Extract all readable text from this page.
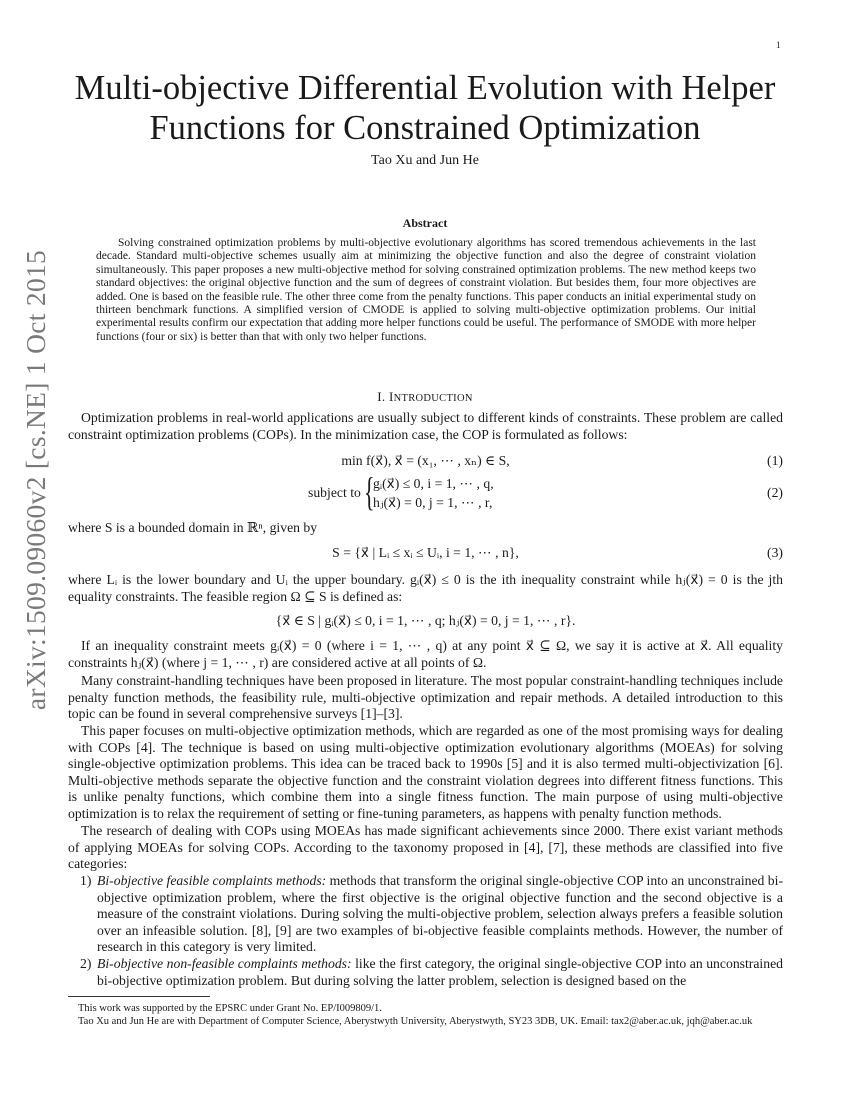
1
arXiv:1509.09060v2 [cs.NE] 1 Oct 2015
Multi-objective Differential Evolution with Helper Functions for Constrained Optimization
Tao Xu and Jun He
Abstract

Solving constrained optimization problems by multi-objective evolutionary algorithms has scored tremendous achievements in the last decade. Standard multi-objective schemes usually aim at minimizing the objective function and also the degree of constraint violation simultaneously. This paper proposes a new multi-objective method for solving constrained optimization problems. The new method keeps two standard objectives: the original objective function and the sum of degrees of constraint violation. But besides them, four more objectives are added. One is based on the feasible rule. The other three come from the penalty functions. This paper conducts an initial experimental study on thirteen benchmark functions. A simplified version of CMODE is applied to solving multi-objective optimization problems. Our initial experimental results confirm our expectation that adding more helper functions could be useful. The performance of SMODE with more helper functions (four or six) is better than that with only two helper functions.

I. INTRODUCTION

Optimization problems in real-world applications are usually subject to different kinds of constraints. These problem are called constraint optimization problems (COPs). In the minimization case, the COP is formulated as follows:

min f(x⃗), x⃗ = (x₁, ⋯ , xₙ) ∈ S,	(1)
subject to {
gᵢ(x⃗) ≤ 0, i = 1, ⋯ , q,
hⱼ(x⃗) = 0, j = 1, ⋯ , r,
(2)

where S is a bounded domain in ℝⁿ, given by

S = {x⃗ | Lᵢ ≤ xᵢ ≤ Uᵢ, i = 1, ⋯ , n},	(3)

where Lᵢ is the lower boundary and Uᵢ the upper boundary. gᵢ(x⃗) ≤ 0 is the ith inequality constraint while hⱼ(x⃗) = 0 is the jth equality constraints. The feasible region Ω ⊆ S is defined as:

{x⃗ ∈ S | gᵢ(x⃗) ≤ 0, i = 1, ⋯ , q; hⱼ(x⃗) = 0, j = 1, ⋯ , r}.

If an inequality constraint meets gᵢ(x⃗) = 0 (where i = 1, ⋯ , q) at any point x⃗ ⊆ Ω, we say it is active at x⃗. All equality constraints hⱼ(x⃗) (where j = 1, ⋯ , r) are considered active at all points of Ω.

Many constraint-handling techniques have been proposed in literature. The most popular constraint-handling techniques include penalty function methods, the feasibility rule, multi-objective optimization and repair methods. A detailed introduction to this topic can be found in several comprehensive surveys [1]–[3].

This paper focuses on multi-objective optimization methods, which are regarded as one of the most promising ways for dealing with COPs [4]. The technique is based on using multi-objective optimization evolutionary algorithms (MOEAs) for solving single-objective optimization problems. This idea can be traced back to 1990s [5] and it is also termed multi-objectivization [6]. Multi-objective methods separate the objective function and the constraint violation degrees into different fitness functions. This is unlike penalty functions, which combine them into a single fitness function. The main purpose of using multi-objective optimization is to relax the requirement of setting or fine-tuning parameters, as happens with penalty function methods.

The research of dealing with COPs using MOEAs has made significant achievements since 2000. There exist variant methods of applying MOEAs for solving COPs. According to the taxonomy proposed in [4], [7], these methods are classified into five categories:

1) Bi-objective feasible complaints methods: methods that transform the original single-objective COP into an unconstrained bi-objective optimization problem, where the first objective is the original objective function and the second objective is a measure of the constraint violations. During solving the multi-objective problem, selection always prefers a feasible solution over an infeasible solution. [8], [9] are two examples of bi-objective feasible complaints methods. However, the number of research in this category is very limited.
2) Bi-objective non-feasible complaints methods: like the first category, the original single-objective COP into an unconstrained bi-objective optimization problem. But during solving the latter problem, selection is designed based on the
This work was supported by the EPSRC under Grant No. EP/I009809/1.
Tao Xu and Jun He are with Department of Computer Science, Aberystwyth University, Aberystwyth, SY23 3DB, UK. Email: tax2@aber.ac.uk, jqh@aber.ac.uk
